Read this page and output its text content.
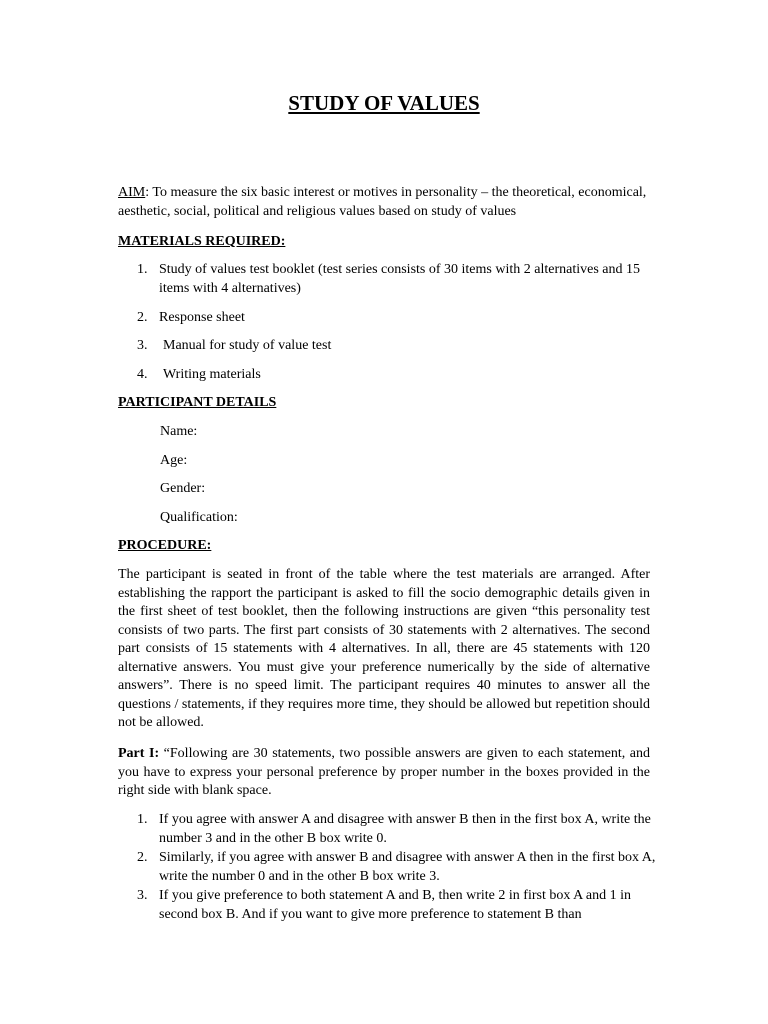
STUDY OF VALUES
AIM: To measure the six basic interest or motives in personality – the theoretical, economical, aesthetic, social, political and religious values based on study of values
MATERIALS REQUIRED:
1. Study of values test booklet (test series consists of 30 items with 2 alternatives and 15 items with 4 alternatives)
2. Response sheet
3. Manual for study of value test
4. Writing materials
PARTICIPANT DETAILS
Name:
Age:
Gender:
Qualification:
PROCEDURE:
The participant is seated in front of the table where the test materials are arranged. After establishing the rapport the participant is asked to fill the socio demographic details given in the first sheet of test booklet, then the following instructions are given “this personality test consists of two parts. The first part consists of 30 statements with 2 alternatives. The second part consists of 15 statements with 4 alternatives. In all, there are 45 statements with 120 alternative answers. You must give your preference numerically by the side of alternative answers”. There is no speed limit. The participant requires 40 minutes to answer all the questions / statements, if they requires more time, they should be allowed but repetition should not be allowed.
Part I: “Following are 30 statements, two possible answers are given to each statement, and you have to express your personal preference by proper number in the boxes provided in the right side with blank space.
1. If you agree with answer A and disagree with answer B then in the first box A, write the number 3 and in the other B box write 0.
2. Similarly, if you agree with answer B and disagree with answer A then in the first box A, write the number 0 and in the other B box write 3.
3. If you give preference to both statement A and B, then write 2 in first box A and 1 in second box B. And if you want to give more preference to statement B than
